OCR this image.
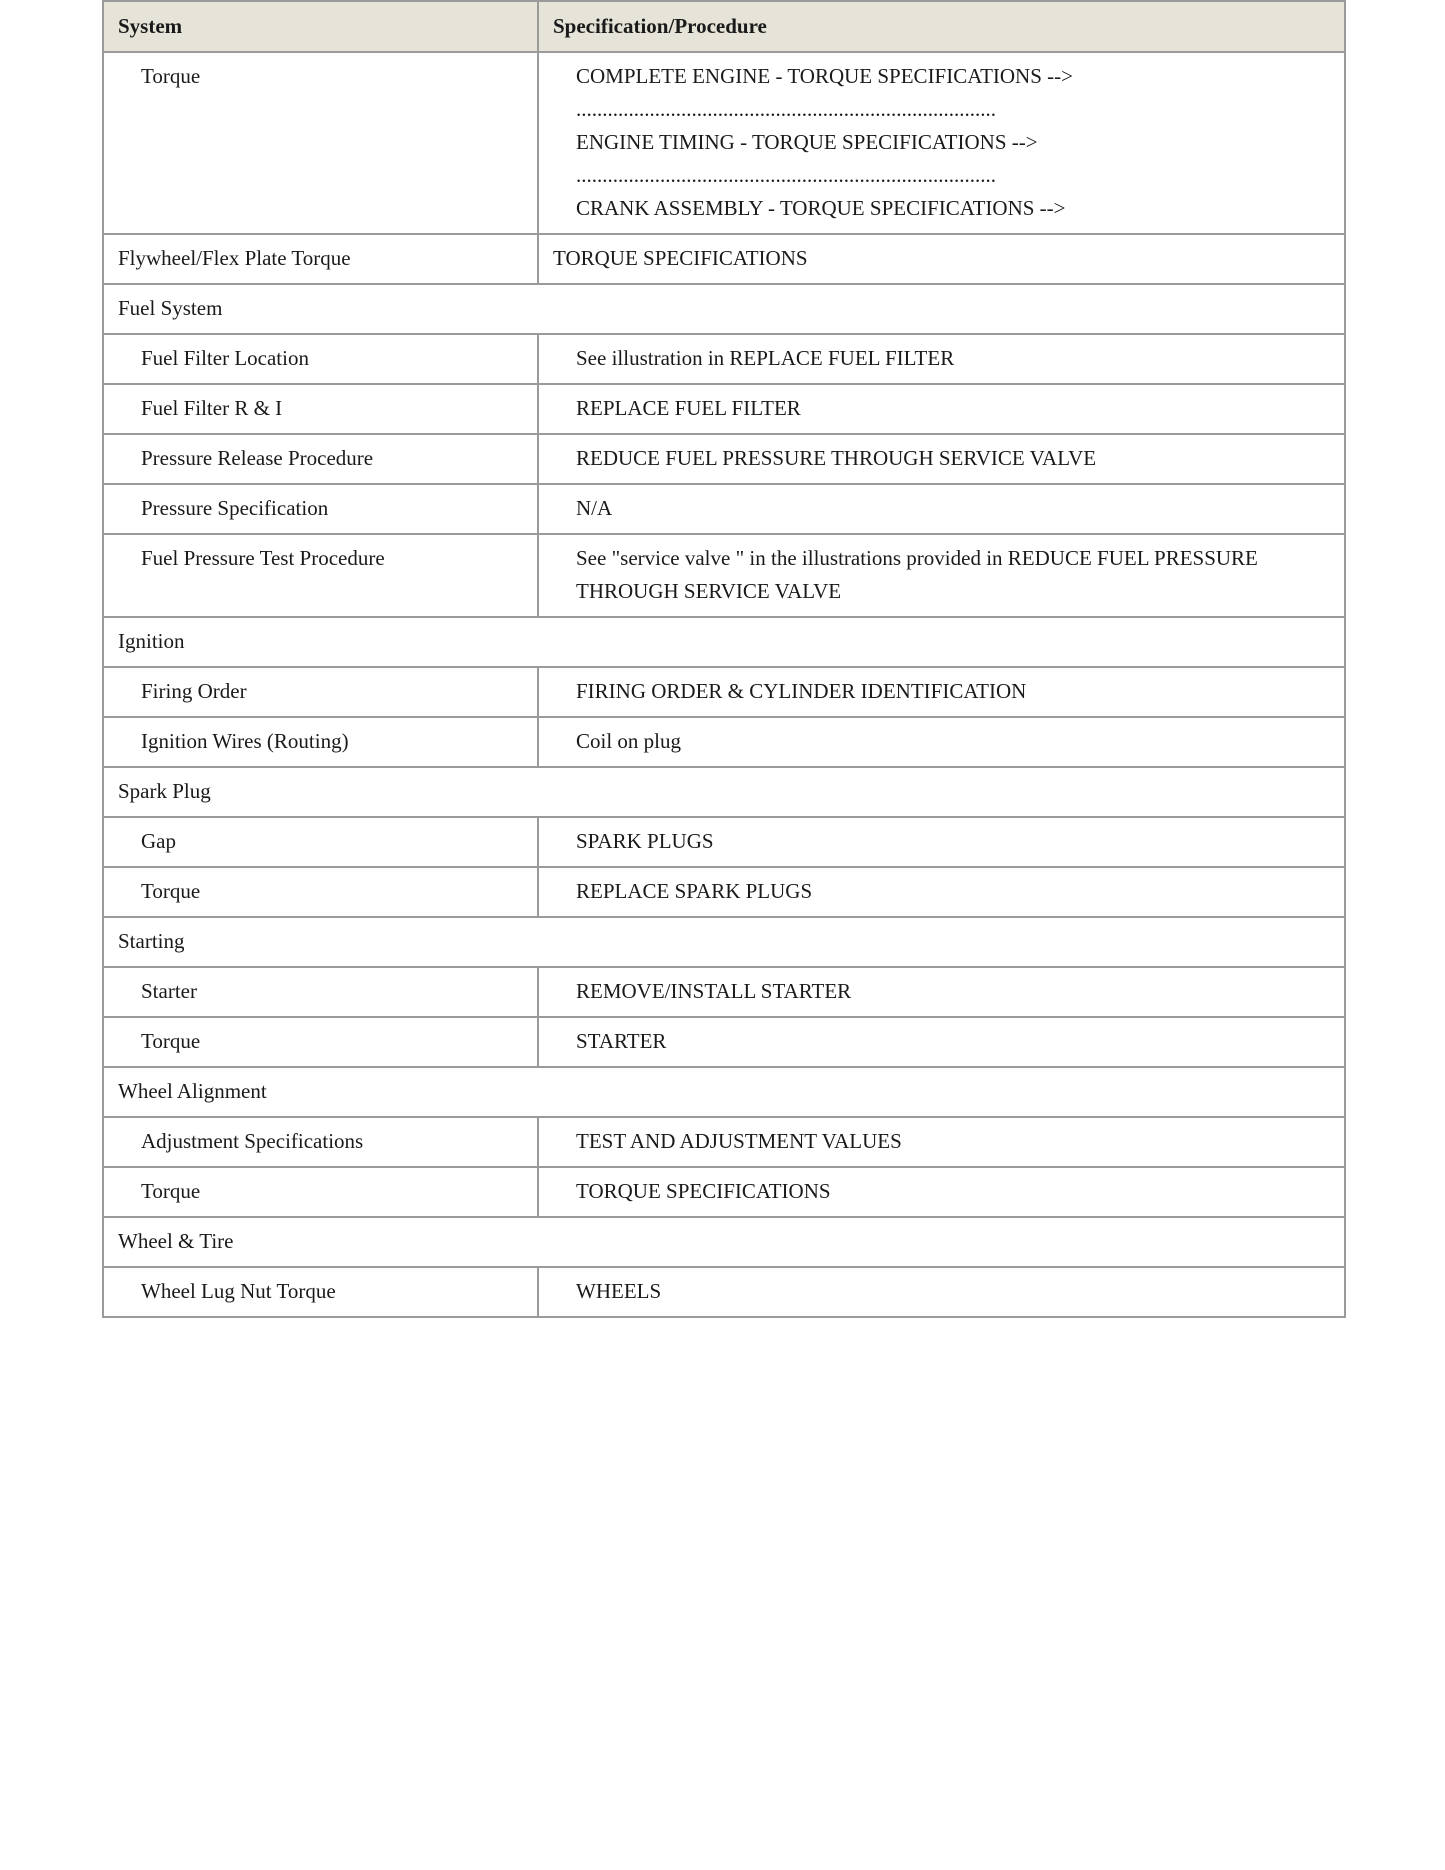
System	Specification/Procedure
Torque	COMPLETE ENGINE - TORQUE SPECIFICATIONS -->
................................................................................
ENGINE TIMING - TORQUE SPECIFICATIONS -->
................................................................................
CRANK ASSEMBLY - TORQUE SPECIFICATIONS -->

Flywheel/Flex Plate Torque	TORQUE SPECIFICATIONS

Fuel System	
Fuel Filter Location	See illustration in REPLACE FUEL FILTER

Fuel Filter R & I	REPLACE FUEL FILTER

Pressure Release Procedure	REDUCE FUEL PRESSURE THROUGH SERVICE VALVE

Pressure Specification	N/A

Fuel Pressure Test Procedure	See "service valve " in the illustrations provided in REDUCE FUEL PRESSURE
THROUGH SERVICE VALVE

Ignition	
Firing Order	FIRING ORDER & CYLINDER IDENTIFICATION

Ignition Wires (Routing)	Coil on plug

Spark Plug	
Gap	SPARK PLUGS

Torque	REPLACE SPARK PLUGS

Starting	
Starter	REMOVE/INSTALL STARTER

Torque	STARTER

Wheel Alignment	
Adjustment Specifications	TEST AND ADJUSTMENT VALUES

Torque	TORQUE SPECIFICATIONS

Wheel & Tire	
Wheel Lug Nut Torque	WHEELS
